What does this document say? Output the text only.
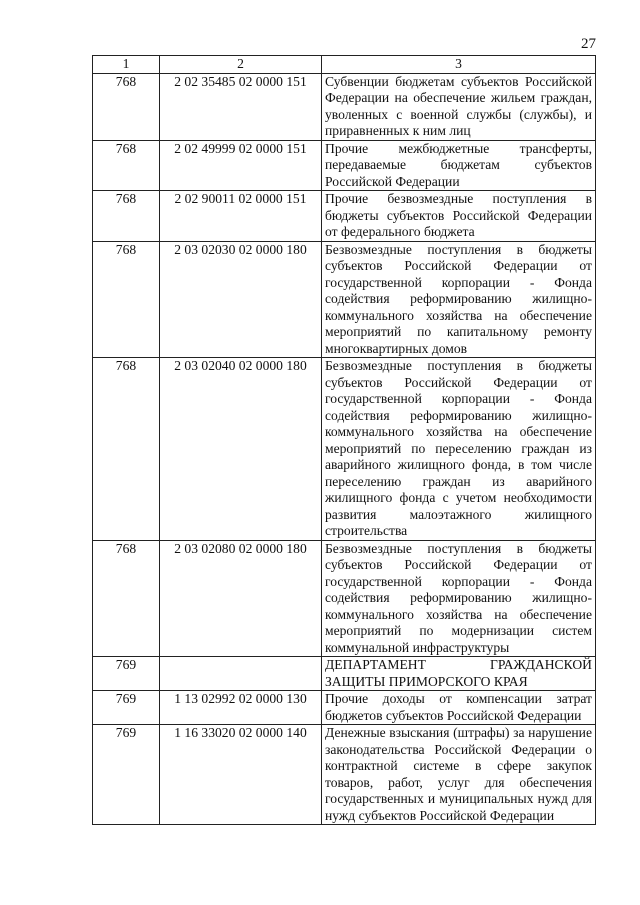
27
1	2	3
768	2 02 35485 02 0000 151	Субвенции бюджетам субъектов Российской Федерации на обеспечение жильем граждан, уволенных с военной службы (службы), и приравненных к ним лиц
768	2 02 49999 02 0000 151	Прочие межбюджетные трансферты, передаваемые бюджетам субъектов Российской Федерации
768	2 02 90011 02 0000 151	Прочие безвозмездные поступления в бюджеты субъектов Российской Федерации от федерального бюджета
768	2 03 02030 02 0000 180	Безвозмездные поступления в бюджеты субъектов Российской Федерации от государственной корпорации - Фонда содействия реформированию жилищно-коммунального хозяйства на обеспечение мероприятий по капитальному ремонту многоквартирных домов
768	2 03 02040 02 0000 180	Безвозмездные поступления в бюджеты субъектов Российской Федерации от государственной корпорации - Фонда содействия реформированию жилищно-коммунального хозяйства на обеспечение мероприятий по переселению граждан из аварийного жилищного фонда, в том числе переселению граждан из аварийного жилищного фонда с учетом необходимости развития малоэтажного жилищного строительства
768	2 03 02080 02 0000 180	Безвозмездные поступления в бюджеты субъектов Российской Федерации от государственной корпорации - Фонда содействия реформированию жилищно-коммунального хозяйства на обеспечение мероприятий по модернизации систем коммунальной инфраструктуры
769		ДЕПАРТАМЕНТ ГРАЖДАНСКОЙ ЗАЩИТЫ ПРИМОРСКОГО КРАЯ
769	1 13 02992 02 0000 130	Прочие доходы от компенсации затрат бюджетов субъектов Российской Федерации
769	1 16 33020 02 0000 140	Денежные взыскания (штрафы) за нарушение законодательства Российской Федерации о контрактной системе в сфере закупок товаров, работ, услуг для обеспечения государственных и муниципальных нужд для нужд субъектов Российской Федерации
